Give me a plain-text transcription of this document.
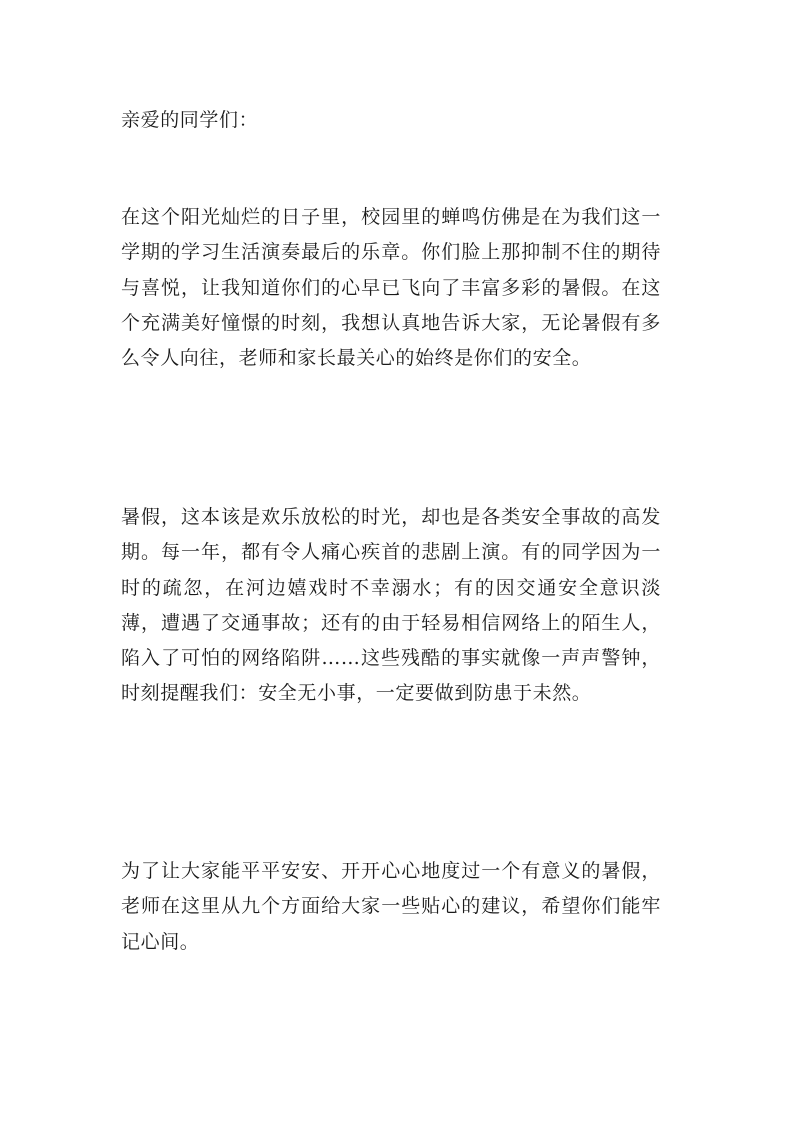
亲爱的同学们：
在这个阳光灿烂的日子里，校园里的蝉鸣仿佛是在为我们这一学期的学习生活演奏最后的乐章。你们脸上那抑制不住的期待与喜悦，让我知道你们的心早已飞向了丰富多彩的暑假。在这个充满美好憧憬的时刻，我想认真地告诉大家，无论暑假有多么令人向往，老师和家长最关心的始终是你们的安全。
暑假，这本该是欢乐放松的时光，却也是各类安全事故的高发期。每一年，都有令人痛心疾首的悲剧上演。有的同学因为一时的疏忽，在河边嬉戏时不幸溺水；有的因交通安全意识淡薄，遭遇了交通事故；还有的由于轻易相信网络上的陌生人，陷入了可怕的网络陷阱……这些残酷的事实就像一声声警钟，时刻提醒我们：安全无小事，一定要做到防患于未然。
为了让大家能平平安安、开开心心地度过一个有意义的暑假，老师在这里从九个方面给大家一些贴心的建议，希望你们能牢记心间。
